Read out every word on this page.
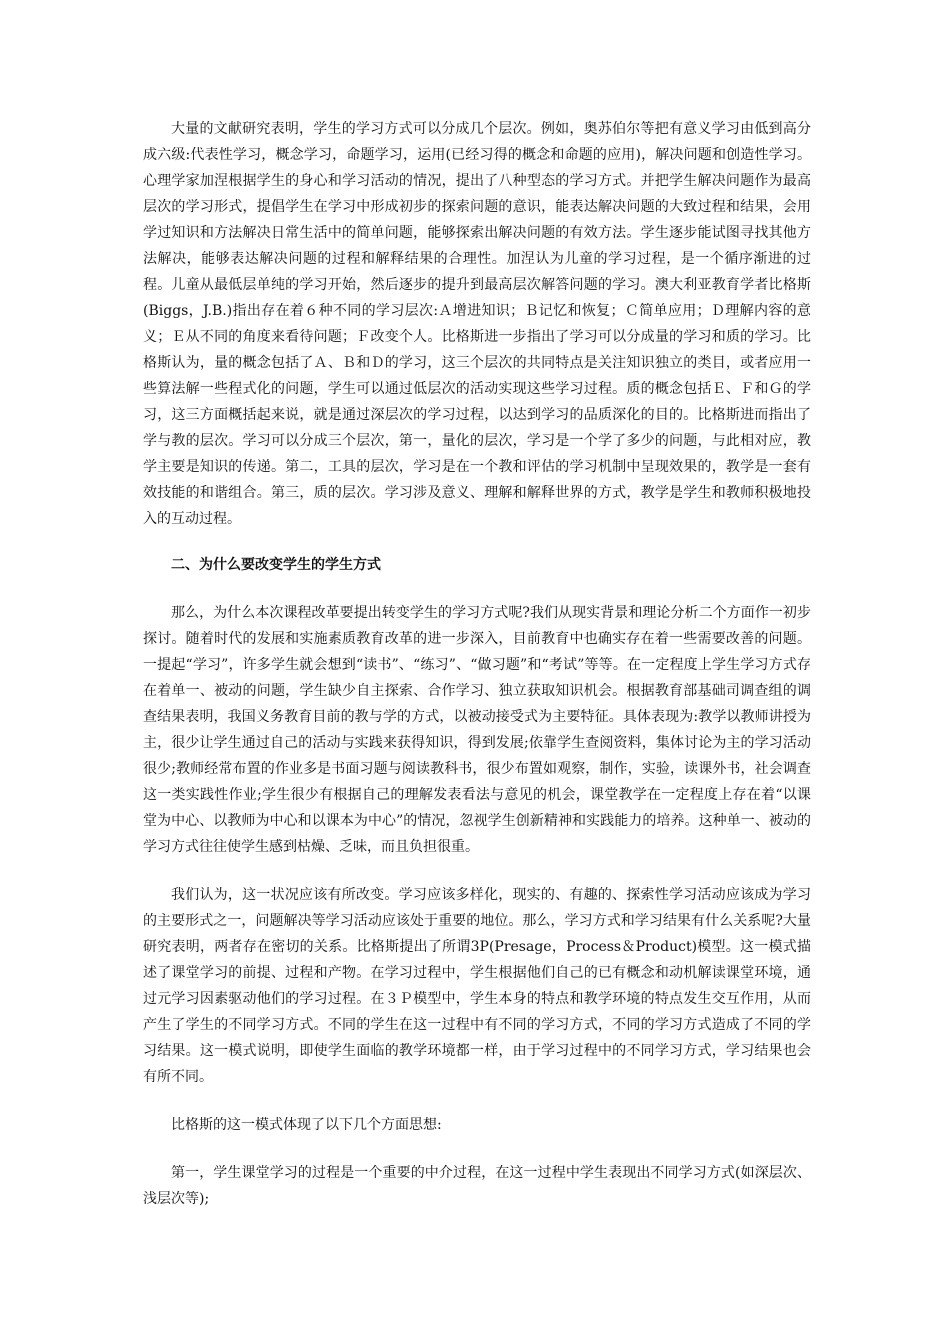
大量的文献研究表明，学生的学习方式可以分成几个层次。例如，奥苏伯尔等把有意义学习由低到高分成六级:代表性学习，概念学习，命题学习，运用(已经习得的概念和命题的应用)，解决问题和创造性学习。心理学家加涅根据学生的身心和学习活动的情况，提出了八种型态的学习方式。并把学生解决问题作为最高层次的学习形式，提倡学生在学习中形成初步的探索问题的意识，能表达解决问题的大致过程和结果，会用学过知识和方法解决日常生活中的简单问题，能够探索出解决问题的有效方法。学生逐步能试图寻找其他方法解决，能够表达解决问题的过程和解释结果的合理性。加涅认为儿童的学习过程，是一个循序渐进的过程。儿童从最低层单纯的学习开始，然后逐步的提升到最高层次解答问题的学习。澳大利亚教育学者比格斯(Biggs，J.B.)指出存在着６种不同的学习层次:Ａ增进知识；Ｂ记忆和恢复；Ｃ简单应用；Ｄ理解内容的意义；Ｅ从不同的角度来看待问题；Ｆ改变个人。比格斯进一步指出了学习可以分成量的学习和质的学习。比格斯认为，量的概念包括了Ａ、Ｂ和Ｄ的学习，这三个层次的共同特点是关注知识独立的类目，或者应用一些算法解一些程式化的问题，学生可以通过低层次的活动实现这些学习过程。质的概念包括Ｅ、Ｆ和Ｇ的学习，这三方面概括起来说，就是通过深层次的学习过程，以达到学习的品质深化的目的。比格斯进而指出了学与教的层次。学习可以分成三个层次，第一，量化的层次，学习是一个学了多少的问题，与此相对应，教学主要是知识的传递。第二，工具的层次，学习是在一个教和评估的学习机制中呈现效果的，教学是一套有效技能的和谐组合。第三，质的层次。学习涉及意义、理解和解释世界的方式，教学是学生和教师积极地投入的互动过程。

二、为什么要改变学生的学生方式

那么，为什么本次课程改革要提出转变学生的学习方式呢?我们从现实背景和理论分析二个方面作一初步探讨。随着时代的发展和实施素质教育改革的进一步深入，目前教育中也确实存在着一些需要改善的问题。一提起“学习”，许多学生就会想到“读书”、“练习”、“做习题”和“考试”等等。在一定程度上学生学习方式存在着单一、被动的问题，学生缺少自主探索、合作学习、独立获取知识机会。根据教育部基础司调查组的调查结果表明，我国义务教育目前的教与学的方式，以被动接受式为主要特征。具体表现为:教学以教师讲授为主，很少让学生通过自己的活动与实践来获得知识，得到发展;依靠学生查阅资料，集体讨论为主的学习活动很少;教师经常布置的作业多是书面习题与阅读教科书，很少布置如观察，制作，实验，读课外书，社会调查这一类实践性作业;学生很少有根据自己的理解发表看法与意见的机会，课堂教学在一定程度上存在着“以课堂为中心、以教师为中心和以课本为中心”的情况，忽视学生创新精神和实践能力的培养。这种单一、被动的学习方式往往使学生感到枯燥、乏味，而且负担很重。

我们认为，这一状况应该有所改变。学习应该多样化，现实的、有趣的、探索性学习活动应该成为学习的主要形式之一，问题解决等学习活动应该处于重要的地位。那么，学习方式和学习结果有什么关系呢?大量研究表明，两者存在密切的关系。比格斯提出了所谓3P(Presage，Process＆Product)模型。这一模式描述了课堂学习的前提、过程和产物。在学习过程中，学生根据他们自己的已有概念和动机解读课堂环境，通过元学习因素驱动他们的学习过程。在３Ｐ模型中，学生本身的特点和教学环境的特点发生交互作用，从而产生了学生的不同学习方式。不同的学生在这一过程中有不同的学习方式，不同的学习方式造成了不同的学习结果。这一模式说明，即使学生面临的教学环境都一样，由于学习过程中的不同学习方式，学习结果也会有所不同。

比格斯的这一模式体现了以下几个方面思想:

第一，学生课堂学习的过程是一个重要的中介过程，在这一过程中学生表现出不同学习方式(如深层次、浅层次等);
